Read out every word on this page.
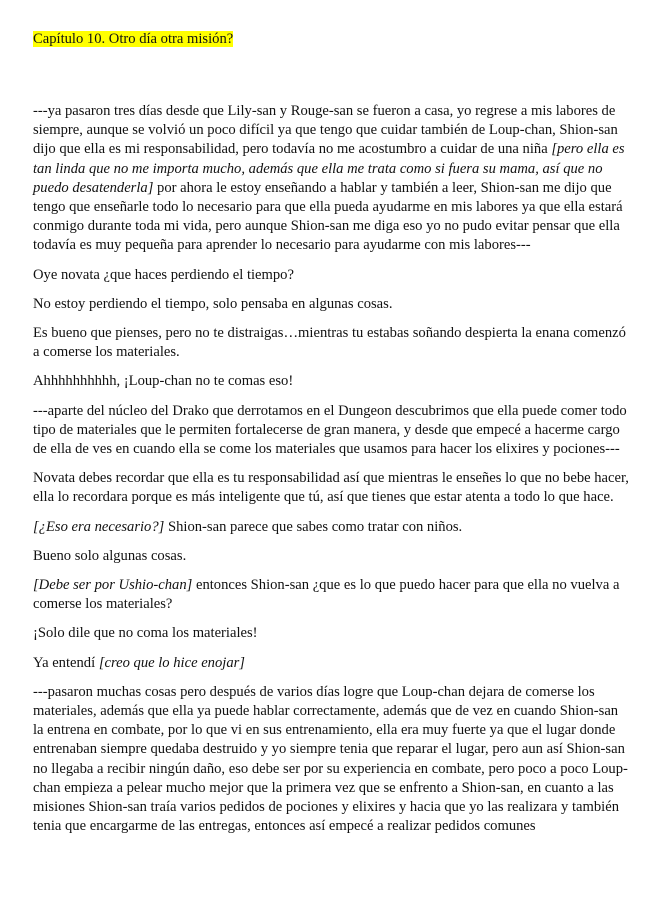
Capítulo 10. Otro día otra misión?

---ya pasaron tres días desde que Lily-san y Rouge-san se fueron a casa, yo regrese a mis labores de siempre, aunque se volvió un poco difícil ya que tengo que cuidar también de Loup-chan, Shion-san dijo que ella es mi responsabilidad, pero todavía no me acostumbro a cuidar de una niña [pero ella es tan linda que no me importa mucho, además que ella me trata como si fuera su mama, así que no puedo desatenderla] por ahora le estoy enseñando a hablar y también a leer, Shion-san me dijo que tengo que enseñarle todo lo necesario para que ella pueda ayudarme en mis labores ya que ella estará conmigo durante toda mi vida, pero aunque Shion-san me diga eso yo no pudo evitar pensar que ella todavía es muy pequeña para aprender lo necesario para ayudarme con mis labores---

Oye novata ¿que haces perdiendo el tiempo?

No estoy perdiendo el tiempo, solo pensaba en algunas cosas.

Es bueno que pienses, pero no te distraigas…mientras tu estabas soñando despierta la enana comenzó a comerse los materiales.

Ahhhhhhhhhh, ¡Loup-chan no te comas eso!

---aparte del núcleo del Drako que derrotamos en el Dungeon descubrimos que ella puede comer todo tipo de materiales que le permiten fortalecerse de gran manera, y desde que empecé a hacerme cargo de ella de ves en cuando ella se come los materiales que usamos para hacer los elixires y pociones---

Novata debes recordar que ella es tu responsabilidad así que mientras le enseñes lo que no bebe hacer, ella lo recordara porque es más inteligente que tú, así que tienes que estar atenta a todo lo que hace.

[¿Eso era necesario?] Shion-san parece que sabes como tratar con niños.

Bueno solo algunas cosas.

[Debe ser por Ushio-chan] entonces Shion-san ¿que es lo que puedo hacer para que ella no vuelva a comerse los materiales?

¡Solo dile que no coma los materiales!

Ya entendí [creo que lo hice enojar]

---pasaron muchas cosas pero después de varios días logre que Loup-chan dejara de comerse los materiales, además que ella ya puede hablar correctamente, además que de vez en cuando Shion-san la entrena en combate, por lo que vi en sus entrenamiento, ella era muy fuerte ya que el lugar donde entrenaban siempre quedaba destruido y yo siempre tenia que reparar el lugar, pero aun así Shion-san no llegaba a recibir ningún daño, eso debe ser por su experiencia en combate, pero poco a poco Loup-chan empieza a pelear mucho mejor que la primera vez que se enfrento a Shion-san, en cuanto a las misiones Shion-san traía varios pedidos de pociones y elixires y hacia que yo las realizara y también tenia que encargarme de las entregas, entonces así empecé a realizar pedidos comunes
